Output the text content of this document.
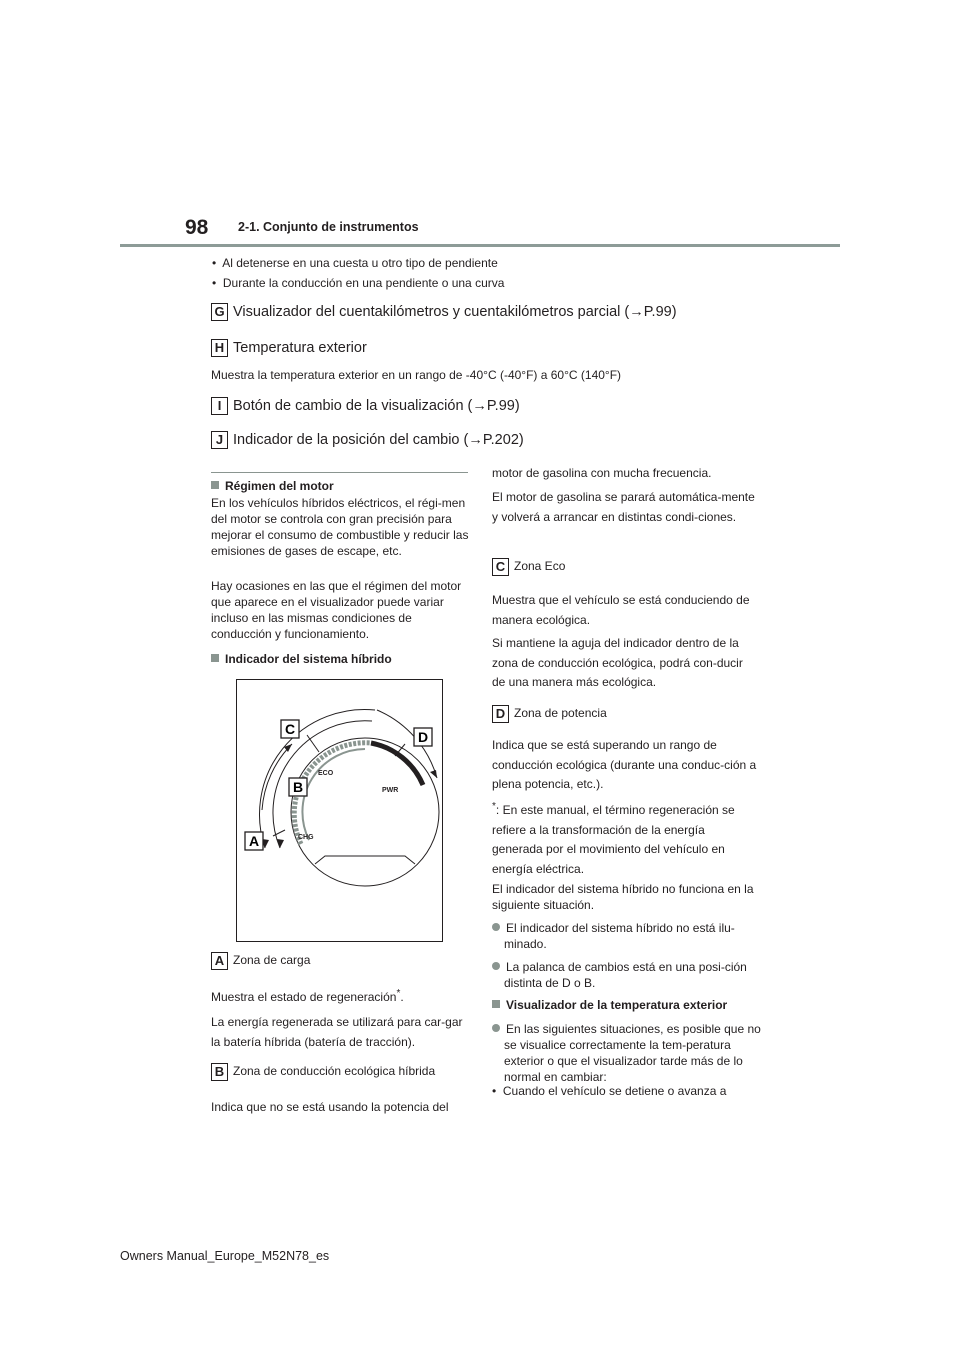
98 2-1. Conjunto de instrumentos
•  Al detenerse en una cuesta u otro tipo de pendiente
•  Durante la conducción en una pendiente o una curva
G Visualizador del cuentakilómetros y cuentakilómetros parcial (→P.99)
H Temperatura exterior
Muestra la temperatura exterior en un rango de -40°C (-40°F) a 60°C (140°F)
I Botón de cambio de la visualización (→P.99)
J Indicador de la posición del cambio (→P.202)
Régimen del motor
En los vehículos híbridos eléctricos, el régi-men del motor se controla con gran precisión para mejorar el consumo de combustible y reducir las emisiones de gases de escape, etc.
Hay ocasiones en las que el régimen del motor que aparece en el visualizador puede variar incluso en las mismas condiciones de conducción y funcionamiento.
Indicador del sistema híbrido
C	D
B
A
ECO
PWR
CHG
A Zona de carga
Muestra el estado de regeneración*.
La energía regenerada se utilizará para car-gar la batería híbrida (batería de tracción).
B Zona de conducción ecológica híbrida
Indica que no se está usando la potencia del
motor de gasolina con mucha frecuencia.
El motor de gasolina se parará automática-mente y volverá a arrancar en distintas condi-ciones.
C Zona Eco
Muestra que el vehículo se está conduciendo de manera ecológica.
Si mantiene la aguja del indicador dentro de la zona de conducción ecológica, podrá con-ducir de una manera más ecológica.
D Zona de potencia
Indica que se está superando un rango de conducción ecológica (durante una conduc-ción a plena potencia, etc.).
*: En este manual, el término regeneración se refiere a la transformación de la energía generada por el movimiento del vehículo en energía eléctrica.
El indicador del sistema híbrido no funciona en la siguiente situación.
El indicador del sistema híbrido no está ilu-minado.
La palanca de cambios está en una posi-ción distinta de D o B.
Visualizador de la temperatura exterior
En las siguientes situaciones, es posible que no se visualice correctamente la tem-peratura exterior o que el visualizador tarde más de lo normal en cambiar:
•  Cuando el vehículo se detiene o avanza a
Owners Manual_Europe_M52N78_es
